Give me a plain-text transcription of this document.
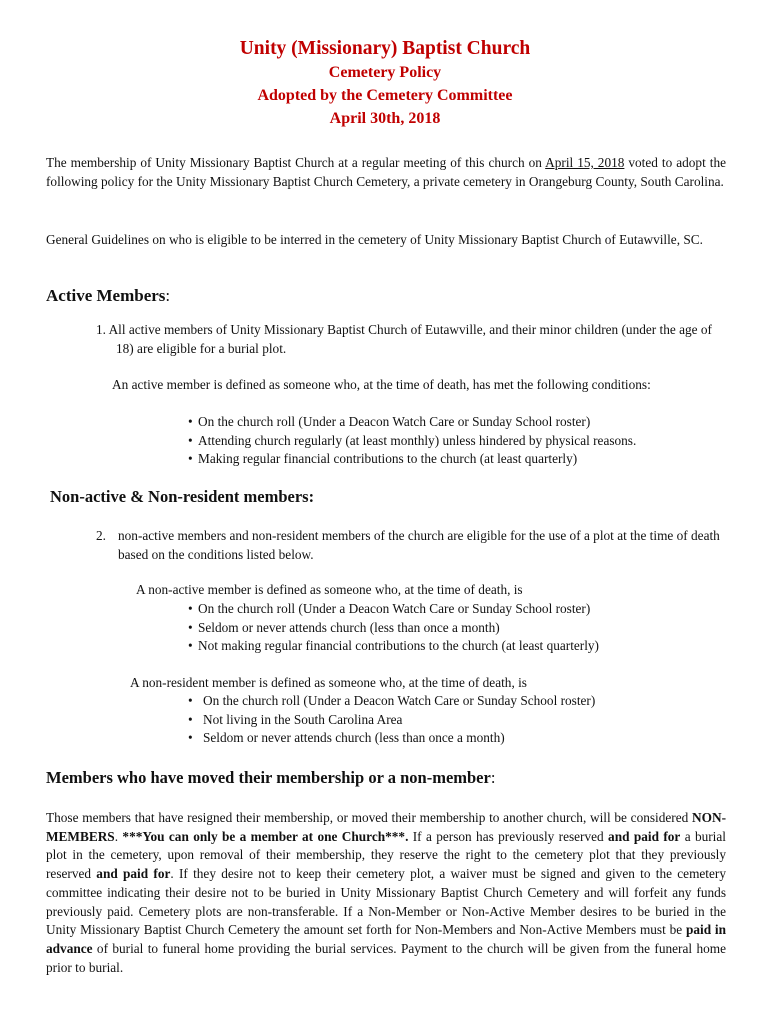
Unity (Missionary) Baptist Church
Cemetery Policy
Adopted by the Cemetery Committee
April 30th, 2018
The membership of Unity Missionary Baptist Church at a regular meeting of this church on April 15, 2018 voted to adopt the following policy for the Unity Missionary Baptist Church Cemetery, a private cemetery in Orangeburg County, South Carolina.
General Guidelines on who is eligible to be interred in the cemetery of Unity Missionary Baptist Church of Eutawville, SC.
Active Members:
1. All active members of Unity Missionary Baptist Church of Eutawville, and their minor children (under the age of 18) are eligible for a burial plot.
An active member is defined as someone who, at the time of death, has met the following conditions:
• On the church roll (Under a Deacon Watch Care or Sunday School roster)
• Attending church regularly (at least monthly) unless hindered by physical reasons.
• Making regular financial contributions to the church (at least quarterly)
Non-active & Non-resident members:
2. non-active members and non-resident members of the church are eligible for the use of a plot at the time of death based on the conditions listed below.
A non-active member is defined as someone who, at the time of death, is
• On the church roll (Under a Deacon Watch Care or Sunday School roster)
• Seldom or never attends church (less than once a month)
• Not making regular financial contributions to the church (at least quarterly)
A non-resident member is defined as someone who, at the time of death, is
• On the church roll (Under a Deacon Watch Care or Sunday School roster)
• Not living in the South Carolina Area
• Seldom or never attends church (less than once a month)
Members who have moved their membership or a non-member:
Those members that have resigned their membership, or moved their membership to another church, will be considered NON-MEMBERS. ***You can only be a member at one Church***. If a person has previously reserved and paid for a burial plot in the cemetery, upon removal of their membership, they reserve the right to the cemetery plot that they previously reserved and paid for. If they desire not to keep their cemetery plot, a waiver must be signed and given to the cemetery committee indicating their desire not to be buried in Unity Missionary Baptist Church Cemetery and will forfeit any funds previously paid. Cemetery plots are non-transferable. If a Non-Member or Non-Active Member desires to be buried in the Unity Missionary Baptist Church Cemetery the amount set forth for Non-Members and Non-Active Members must be paid in advance of burial to funeral home providing the burial services. Payment to the church will be given from the funeral home prior to burial.
